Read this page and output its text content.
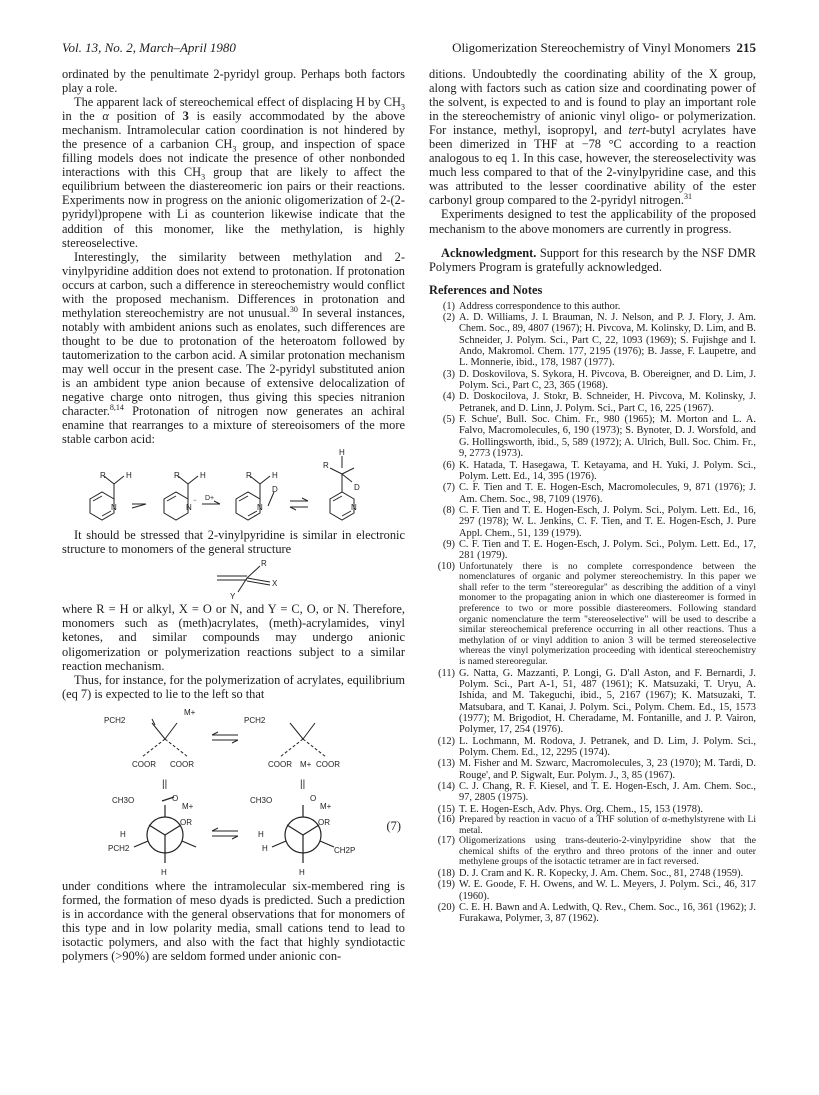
Vol. 13, No. 2, March–April 1980	Oligomerization Stereochemistry of Vinyl Monomers 215

ordinated by the penultimate 2-pyridyl group. Perhaps both factors play a role.

The apparent lack of stereochemical effect of displacing H by $CH_3$ in the α position of 3 is easily accommodated by the above mechanism. Intramolecular cation coordination is not hindered by the presence of a carbanion $CH_3$ group, and inspection of space filling models does not indicate the presence of other nonbonded interactions with this $CH_3$ group that are likely to affect the equilibrium between the diastereomeric ion pairs or their reactions. Experiments now in progress on the anionic oligomerization of 2-(2-pyridyl)propene with Li as counterion likewise indicate that the addition of this monomer, like the methylation, is highly stereoselective.

Interestingly, the similarity between methylation and 2-vinylpyridine addition does not extend to protonation. If protonation occurs at carbon, such a difference in stereochemistry would conflict with the proposed mechanism. Differences in protonation and methylation stereochemistry are not unusual.$^{30}$ In several instances, notably with ambident anions such as enolates, such differences are thought to be due to protonation of the heteroatom followed by tautomerization to the carbon acid. A similar protonation mechanism may well occur in the present case. The 2-pyridyl substituted anion is an ambident type anion because of extensive delocalization of negative charge onto nitrogen, thus giving this species nitranion character.$^{8,14}$ Protonation of nitrogen now generates an achiral enamine that rearranges to a mixture of stereoisomers of the more stable carbon acid:

R	H
N
R	H
N
− D+
R	H
D
N
R
H
D
N

It should be stressed that 2-vinylpyridine is similar in electronic structure to monomers of the general structure

R
X
Y

where R = H or alkyl, X = O or N, and Y = C, O, or N. Therefore, monomers such as (meth)acrylates, (meth)-acrylamides, vinyl ketones, and similar compounds may undergo anionic oligomerization or polymerization reactions subject to a similar reaction mechanism.

Thus, for instance, for the polymerization of acrylates, equilibrium (eq 7) is expected to lie to the left so that

PCH2
M+
COOR COOR
PCH2
COOR M+ COOR
||	||
CH3O	O
M+
OR
H
PCH2
H
CH3O	O
M+
OR
H
H	CH2P
H
(7)

under conditions where the intramolecular six-membered ring is formed, the formation of meso dyads is predicted. Such a prediction is in accordance with the general observations that for monomers of this type and in low polarity media, small cations tend to lead to isotactic polymers, and also with the fact that highly syndiotactic polymers (>90%) are seldom formed under anionic con-

ditions. Undoubtedly the coordinating ability of the X group, along with factors such as cation size and coordinating power of the solvent, is expected to and is found to play an important role in the stereochemistry of anionic vinyl oligo- or polymerization. For instance, methyl, isopropyl, and tert-butyl acrylates have been dimerized in THF at −78 °C according to a reaction analogous to eq 1. In this case, however, the stereoselectivity was much less compared to that of the 2-vinylpyridine case, and this was attributed to the lesser coordinative ability of the ester carbonyl group compared to the 2-pyridyl nitrogen.$^{31}$

Experiments designed to test the applicability of the proposed mechanism to the above monomers are currently in progress.

Acknowledgment. Support for this research by the NSF DMR Polymers Program is gratefully acknowledged.

References and Notes
(1) Address correspondence to this author.
(2) A. D. Williams, J. I. Brauman, N. J. Nelson, and P. J. Flory, J. Am. Chem. Soc., 89, 4807 (1967); H. Pivcova, M. Kolinsky, D. Lim, and B. Schneider, J. Polym. Sci., Part C, 22, 1093 (1969); S. Fujishge and I. Ando, Makromol. Chem. 177, 2195 (1976); B. Jasse, F. Laupetre, and L. Monnerie, ibid., 178, 1987 (1977).
(3) D. Doskovilova, S. Sykora, H. Pivcova, B. Obereigner, and D. Lim, J. Polym. Sci., Part C, 23, 365 (1968).
(4) D. Doskocilova, J. Stokr, B. Schneider, H. Pivcova, M. Kolinsky, J. Petranek, and D. Linn, J. Polym. Sci., Part C, 16, 225 (1967).
(5) F. Schue', Bull. Soc. Chim. Fr., 980 (1965); M. Morton and L. A. Falvo, Macromolecules, 6, 190 (1973); S. Bynoter, D. J. Worsfold, and G. Hollingsworth, ibid., 5, 589 (1972); A. Ulrich, Bull. Soc. Chim. Fr., 9, 2773 (1973).
(6) K. Hatada, T. Hasegawa, T. Ketayama, and H. Yuki, J. Polym. Sci., Polym. Lett. Ed., 14, 395 (1976).
(7) C. F. Tien and T. E. Hogen-Esch, Macromolecules, 9, 871 (1976); J. Am. Chem. Soc., 98, 7109 (1976).
(8) C. F. Tien and T. E. Hogen-Esch, J. Polym. Sci., Polym. Lett. Ed., 16, 297 (1978); W. L. Jenkins, C. F. Tien, and T. E. Hogen-Esch, J. Pure Appl. Chem., 51, 139 (1979).
(9) C. F. Tien and T. E. Hogen-Esch, J. Polym. Sci., Polym. Lett. Ed., 17, 281 (1979).
(10) Unfortunately there is no complete correspondence between the nomenclatures of organic and polymer stereochemistry. In this paper we shall refer to the term "stereoregular" as describing the addition of a vinyl monomer to the propagating anion in which one diastereomer is formed in preference to two or more possible diastereomers. Following standard organic nomenclature the term "stereoselective" will be used to describe a similar stereochemical preference occurring in all other reactions. Thus a methylation of or vinyl addition to anion 3 will be termed stereoselective whereas the vinyl polymerization proceeding with identical stereochemistry is named stereoregular.
(11) G. Natta, G. Mazzanti, P. Longi, G. D'all Aston, and F. Bernardi, J. Polym. Sci., Part A-1, 51, 487 (1961); K. Matsuzaki, T. Uryu, A. Ishida, and M. Takeguchi, ibid., 5, 2167 (1967); K. Matsuzaki, T. Matsubara, and T. Kanai, J. Polym. Sci., Polym. Chem. Ed., 15, 1573 (1977); M. Brigodiot, H. Cheradame, M. Fontanille, and J. P. Vairon, Polymer, 17, 254 (1976).
(12) L. Lochmann, M. Rodova, J. Petranek, and D. Lim, J. Polym. Sci., Polym. Chem. Ed., 12, 2295 (1974).
(13) M. Fisher and M. Szwarc, Macromolecules, 3, 23 (1970); M. Tardi, D. Rouge', and P. Sigwalt, Eur. Polym. J., 3, 85 (1967).
(14) C. J. Chang, R. F. Kiesel, and T. E. Hogen-Esch, J. Am. Chem. Soc., 97, 2805 (1975).
(15) T. E. Hogen-Esch, Adv. Phys. Org. Chem., 15, 153 (1978).
(16) Prepared by reaction in vacuo of a THF solution of α-methylstyrene with Li metal.
(17) Oligomerizations using trans-deuterio-2-vinylpyridine show that the chemical shifts of the erythro and threo protons of the inner and outer methylene groups of the isotactic tetramer are in fact reversed.
(18) D. J. Cram and K. R. Kopecky, J. Am. Chem. Soc., 81, 2748 (1959).
(19) W. E. Goode, F. H. Owens, and W. L. Meyers, J. Polym. Sci., 46, 317 (1960).
(20) C. E. H. Bawn and A. Ledwith, Q. Rev., Chem. Soc., 16, 361 (1962); J. Furakawa, Polymer, 3, 87 (1962).
